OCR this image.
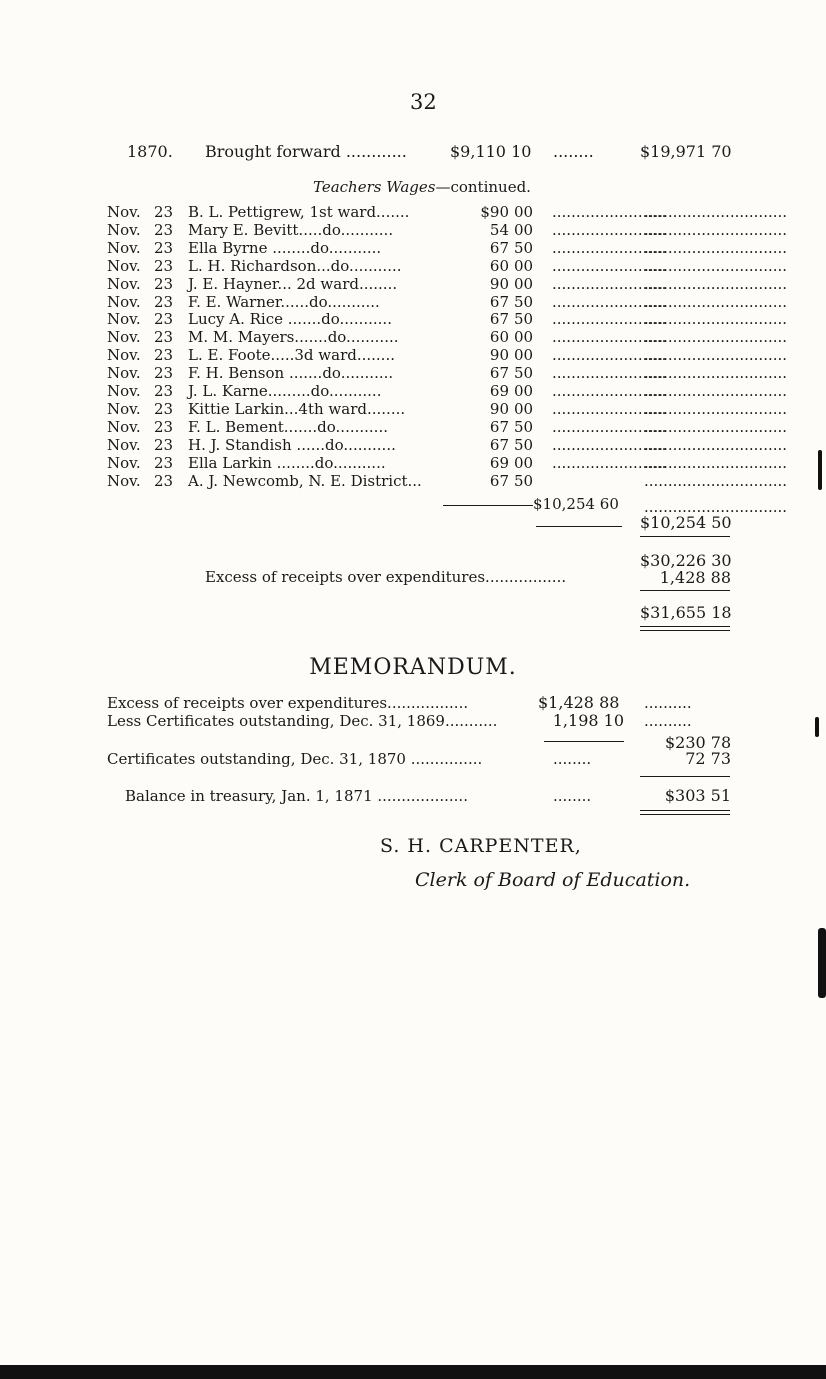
32
1870. Brought forward ............	$9,110 10 ........	$19,971 70
Teachers Wages—continued.
Nov. 23 B. L. Pettigrew, 1st ward.......	$90 00 ........................
..............................
Nov. 23 Mary E. Bevitt.....do...........	54 00 ........................
..............................
Nov. 23 Ella Byrne ........do...........	67 50 ........................
..............................
Nov. 23 L. H. Richardson...do...........	60 00 ........................
..............................
Nov. 23 J. E. Hayner... 2d ward........	90 00 ........................
..............................
Nov. 23 F. E. Warner......do...........	67 50 ........................
..............................
Nov. 23 Lucy A. Rice .......do...........	67 50 ........................
..............................
Nov. 23 M. M. Mayers.......do...........	60 00 ........................
..............................
Nov. 23 L. E. Foote.....3d ward........	90 00 ........................
..............................
Nov. 23 F. H. Benson .......do...........	67 50 ........................
..............................
Nov. 23 J. L. Karne.........do...........	69 00 ........................
..............................
Nov. 23 Kittie Larkin...4th ward........	90 00 ........................
..............................
Nov. 23 F. L. Bement.......do...........	67 50 ........................
..............................
Nov. 23 H. J. Standish ......do...........	67 50 ........................
..............................
Nov. 23 Ella Larkin ........do...........	69 00 ........................
..............................
Nov. 23 A. J. Newcomb, N. E. District...	67 50	..............................
$10,254 60 ..............................
$10,254 50
$30,226 30
Excess of receipts over expenditures.................	1,428 88
$31,655 18
MEMORANDUM.
Excess of receipts over expenditures.................	$1,428 88 ..........
Less Certificates outstanding, Dec. 31, 1869...........	1,198 10 ..........
$230 78
Certificates outstanding, Dec. 31, 1870 ...............	........	72 73
Balance in treasury, Jan. 1, 1871 ...................	........	$303 51
S. H. CARPENTER,
Clerk of Board of Education.
